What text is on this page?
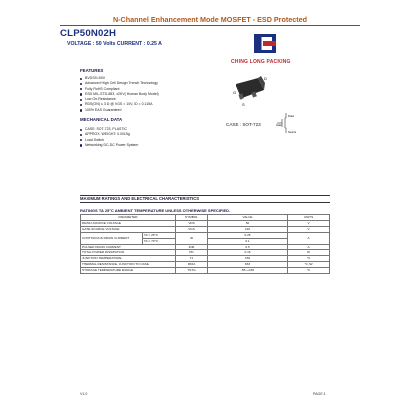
N-Channel Enhancement Mode MOSFET - ESD Protected
CLP50N02H
VOLTAGE : 50 Volts CURRENT : 0.25 A
CHING LONG PACKING
FEATURES
BVDSS=50V
Advanced High Cell Design Trench Technology
Fully RoHS Compliant
ESD MIL-STD-883, ±2KV( Human Body Model)
Low On-Resistance:
RDS(ON) ≤ 3 Ω @ VGS = 10V, ID = 0.115A
100% EAS Guaranteed
MECHANICAL DATA
CASE: SOT-723, PLASTIC
APPROX. WEIGHT: 0.0015g
Load Switch
Networking DC-DC Power System
D
G
S
CASE : SOT-723
Drain
Gate
Source
MAXIMUM RATINGS AND ELECTRICAL CHARACTERISTICS
RATINGS TA 25°C AMBIENT TEMPERATURE UNLESS OTHERWISE SPECIFIED.
PARAMETER		SYMBOL	VALUE	UNITS
DRAIN-SOURCE VOLTAGE		VDS	50	V
GATE-SOURCE VOLTAGE		VGS	±20	V
CONTINUOUS DRAIN CURRENT	TA = 25°C	ID	0.25	A
	TA = 70°C		0.1	
PULSED DRAIN CURRENT		IDM	0.5	A
TOTAL POWER DISSIPATION		PD	0.15	W
JUNCTION TEMPERATURE		TJ	150	°C
THERMAL RESISTANCE, JUNCTION TO CASE		RθJA	833	°C /W
STORAGE TEMPERATURE RANGE		TSTG	-55~+150	°C
V1.0	PAGE.1
